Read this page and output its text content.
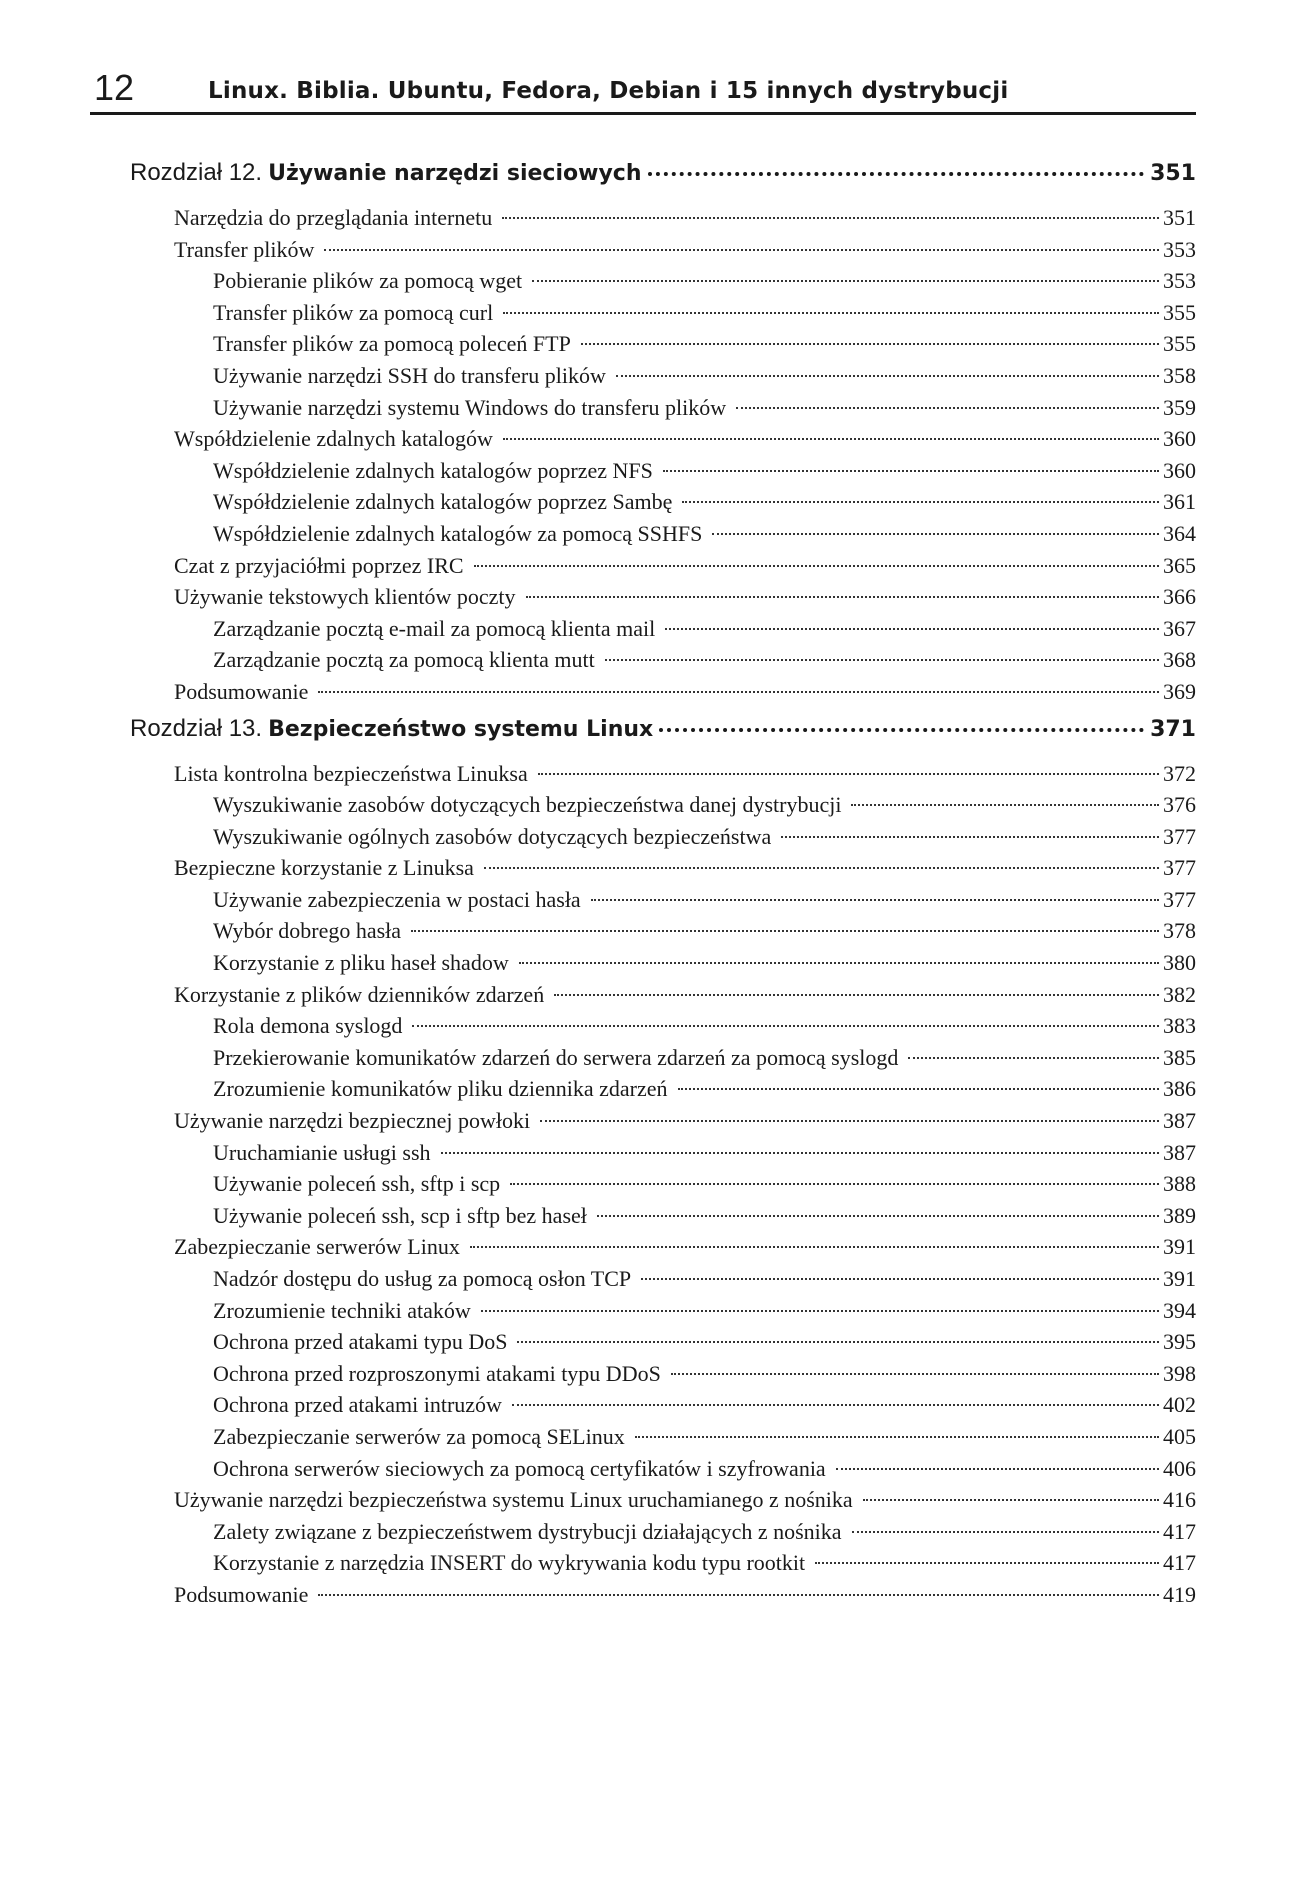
12	Linux. Biblia. Ubuntu, Fedora, Debian i 15 innych dystrybucji
Rozdział 12. Używanie narzędzi sieciowych	351
Narzędzia do przeglądania internetu	351
Transfer plików	353
Pobieranie plików za pomocą wget	353
Transfer plików za pomocą curl	355
Transfer plików za pomocą poleceń FTP	355
Używanie narzędzi SSH do transferu plików	358
Używanie narzędzi systemu Windows do transferu plików	359
Współdzielenie zdalnych katalogów	360
Współdzielenie zdalnych katalogów poprzez NFS	360
Współdzielenie zdalnych katalogów poprzez Sambę	361
Współdzielenie zdalnych katalogów za pomocą SSHFS	364
Czat z przyjaciółmi poprzez IRC	365
Używanie tekstowych klientów poczty	366
Zarządzanie pocztą e-mail za pomocą klienta mail	367
Zarządzanie pocztą za pomocą klienta mutt	368
Podsumowanie	369
Rozdział 13. Bezpieczeństwo systemu Linux	371
Lista kontrolna bezpieczeństwa Linuksa	372
Wyszukiwanie zasobów dotyczących bezpieczeństwa danej dystrybucji	376
Wyszukiwanie ogólnych zasobów dotyczących bezpieczeństwa	377
Bezpieczne korzystanie z Linuksa	377
Używanie zabezpieczenia w postaci hasła	377
Wybór dobrego hasła	378
Korzystanie z pliku haseł shadow	380
Korzystanie z plików dzienników zdarzeń	382
Rola demona syslogd	383
Przekierowanie komunikatów zdarzeń do serwera zdarzeń za pomocą syslogd	385
Zrozumienie komunikatów pliku dziennika zdarzeń	386
Używanie narzędzi bezpiecznej powłoki	387
Uruchamianie usługi ssh	387
Używanie poleceń ssh, sftp i scp	388
Używanie poleceń ssh, scp i sftp bez haseł	389
Zabezpieczanie serwerów Linux	391
Nadzór dostępu do usług za pomocą osłon TCP	391
Zrozumienie techniki ataków	394
Ochrona przed atakami typu DoS	395
Ochrona przed rozproszonymi atakami typu DDoS	398
Ochrona przed atakami intruzów	402
Zabezpieczanie serwerów za pomocą SELinux	405
Ochrona serwerów sieciowych za pomocą certyfikatów i szyfrowania	406
Używanie narzędzi bezpieczeństwa systemu Linux uruchamianego z nośnika	416
Zalety związane z bezpieczeństwem dystrybucji działających z nośnika	417
Korzystanie z narzędzia INSERT do wykrywania kodu typu rootkit	417
Podsumowanie	419
